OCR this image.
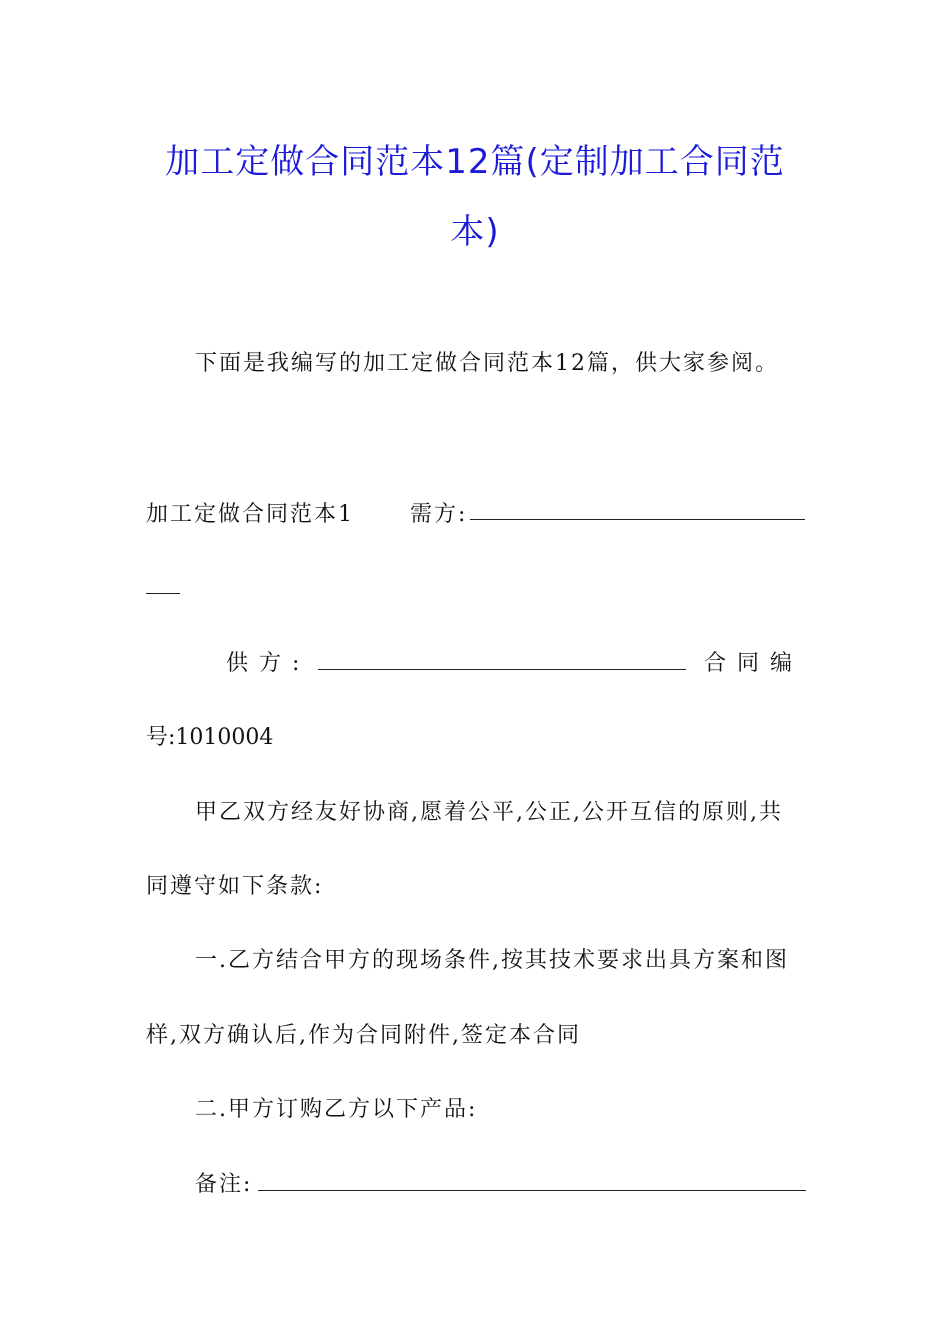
加工定做合同范本12篇(定制加工合同范
本)
下面是我编写的加工定做合同范本12篇，供大家参阅。
加工定做合同范本1	需方:
供 方 :	合 同 编
号:1010004
甲乙双方经友好协商,愿着公平,公正,公开互信的原则,共
同遵守如下条款:
一.乙方结合甲方的现场条件,按其技术要求出具方案和图
样,双方确认后,作为合同附件,签定本合同
二.甲方订购乙方以下产品:
备注:
